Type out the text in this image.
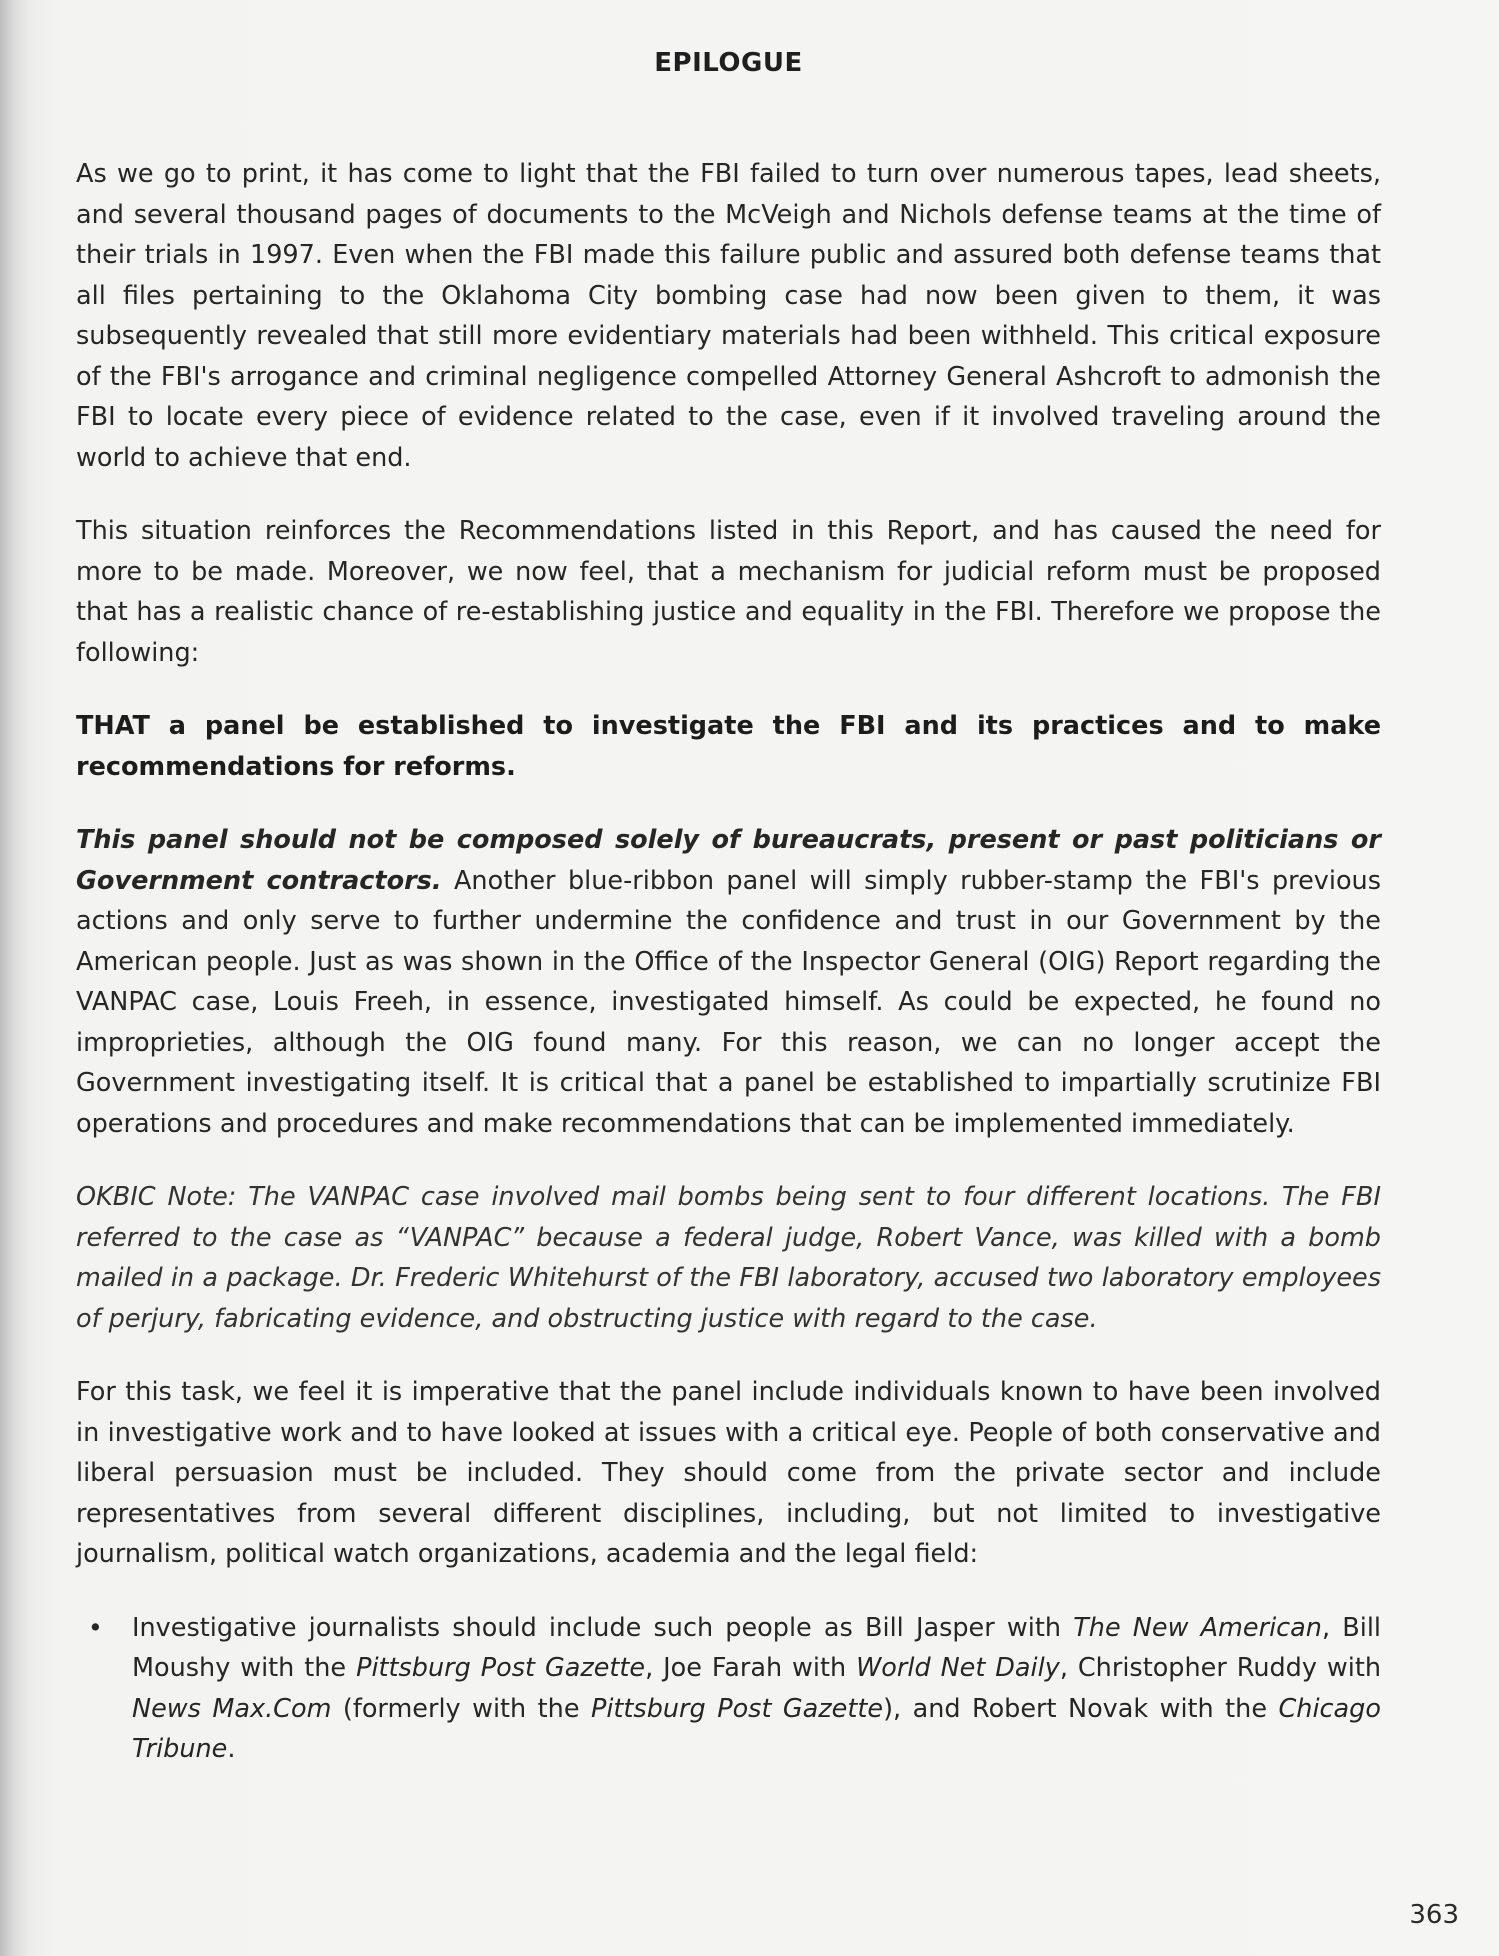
EPILOGUE

As we go to print, it has come to light that the FBI failed to turn over numerous tapes, lead sheets, and several thousand pages of documents to the McVeigh and Nichols defense teams at the time of their trials in 1997. Even when the FBI made this failure public and assured both defense teams that all files pertaining to the Oklahoma City bombing case had now been given to them, it was subsequently revealed that still more evidentiary materials had been withheld. This critical exposure of the FBI's arrogance and criminal negligence compelled Attorney General Ashcroft to admonish the FBI to locate every piece of evidence related to the case, even if it involved traveling around the world to achieve that end.

This situation reinforces the Recommendations listed in this Report, and has caused the need for more to be made. Moreover, we now feel, that a mechanism for judicial reform must be proposed that has a realistic chance of re-establishing justice and equality in the FBI. Therefore we propose the following:

THAT a panel be established to investigate the FBI and its practices and to make recommendations for reforms.

This panel should not be composed solely of bureaucrats, present or past politicians or Government contractors. Another blue-ribbon panel will simply rubber-stamp the FBI's previous actions and only serve to further undermine the confidence and trust in our Government by the American people. Just as was shown in the Office of the Inspector General (OIG) Report regarding the VANPAC case, Louis Freeh, in essence, investigated himself. As could be expected, he found no improprieties, although the OIG found many. For this reason, we can no longer accept the Government investigating itself. It is critical that a panel be established to impartially scrutinize FBI operations and procedures and make recommendations that can be implemented immediately.

OKBIC Note: The VANPAC case involved mail bombs being sent to four different locations. The FBI referred to the case as “VANPAC” because a federal judge, Robert Vance, was killed with a bomb mailed in a package. Dr. Frederic Whitehurst of the FBI laboratory, accused two laboratory employees of perjury, fabricating evidence, and obstructing justice with regard to the case.

For this task, we feel it is imperative that the panel include individuals known to have been involved in investigative work and to have looked at issues with a critical eye. People of both conservative and liberal persuasion must be included. They should come from the private sector and include representatives from several different disciplines, including, but not limited to investigative journalism, political watch organizations, academia and the legal field:

• Investigative journalists should include such people as Bill Jasper with The New American, Bill Moushy with the Pittsburg Post Gazette, Joe Farah with World Net Daily, Christopher Ruddy with News Max.Com (formerly with the Pittsburg Post Gazette), and Robert Novak with the Chicago Tribune.
363
